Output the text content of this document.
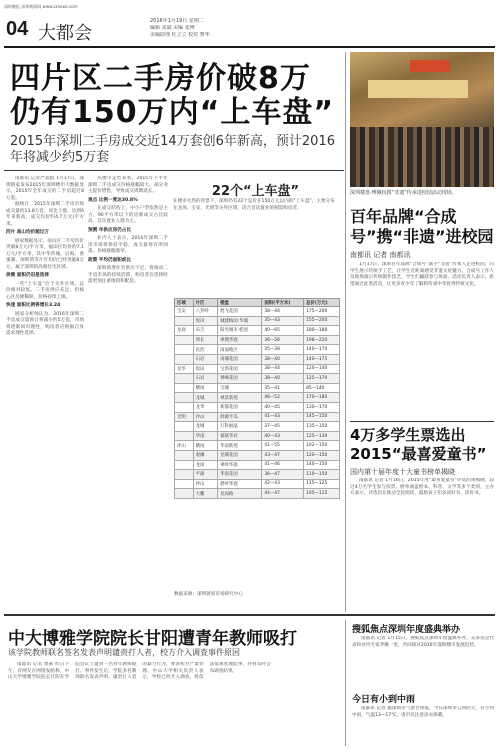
深圳晚报 深圳新闻网 www.sznews.com
04 大都会
2016年1月19日 星期二
编辑 宋斌 美编 张博
美编助理 杜立立 校对 曹华
四片区二手房价破8万
仍有150万内“上车盘”
2015年深圳二手房成交近14万套创6年新高，预计2016年将减少约5万套
深圳楼盘·傅佩杭摄“非遗”传承进校园活动现场。

南都讯 记者严超群 1月17日，深圳链家发布2015年深圳楼市大数据显示，2015年全年成交的二手房超过8万套。

据统计，2015年深圳二手房市场成交量约13.8万套，同比上涨，达到6年来新高，成交均价约4.7万元/平方米。

四片 南山均价超过万

链家数据显示，南山区二手房均价突破8万元/平方米，福田区均价约7.1万元/平方米，其中华侨城、后海、香蜜湖、深圳湾等片区均价已经突破8万元，属于深圳的高端住宅区域。

供需 面积仍旧是选择

一些“上车盘”位于关外区域，总价相对较低。二手房供应充足，但核心区房源稀缺，价格持续上涨。

快速 面积比例将增长3.24

链家分析师认为，2016年深圳二手房成交量预计将减少约5万套，市场将逐渐回归理性，购房者应根据自身需求理性选择。

从楼市走势来看，2015年下半年深圳二手房成交价格涨幅较大，部分业主提价惜售，导致成交周期延长。

观点 比例一度达30.8%

在成交结构上，中小户型依然是主力，90平方米以下的房源成交占比较高，首次置业人群为主。

预测 年供应房仍占比

业内人士表示，2016年深圳二手房市场将保持平稳，成交量将有所回落，价格涨幅收窄。

政策 平均仍面积或比

深圳新增住宅供应不足，将推动二手房市场的持续活跃，购房者在选择时需更加注重地段和配套。

22个“上车盘”
在楼市火热的背景下，深圳仍有22个总价在150万元以内的“上车盘”，主要分布在龙岗、宝安、光明等关外区域，适合首次置业的刚需购房者。
区域	片区	楼盘	面积(平方米)	总价(万元)
宝安	八卦岭	旭飞花园	38—44	175—200
	坂田	城建梅园·华城	35—43	155—200
龙岗	布吉	阳光城市·桂园	40—65	180—188
	周长	翠拥华庭	36—56	198—220
	民治	南面地区	35—38	140—170
	石岩	南城花园	38—40	140—175
龙华	坂田	宝湾花园	38—44	120—140
	石岩	翠峰花园	38—40	125—170
	横岗	宝城	35—41	85—140
	龙城	翠景新苑	46—52	170—180
	龙华	新都花园	40—45	130—170
光明	坪山	鸿源半岛	41—43	145—150
	龙城	万科丽晶	37—45	135—150
	华南	嘉联华府	40—43	125—130
坪山	横岗	华南新苑	41—55	102—150
	观澜	龙城花园	43—47	120—150
	龙岗	翠岭华庭	41—46	140—150
	平湖	华南花园	36—47	110—150
	坪山	碧岭华庭	42—43	115—125
	大鹏	龙岗路	44—47	105—115
数据来源：深圳链家市场研究中心
百年品牌“合成号”携“非遗”进校园
南都讯 记者 南都讯

1月17日，深圳百年品牌“合成号”联手“非遗”传承人走进校园，向学生展示传统手工艺，让学生近距离感受非遗文化魅力。合成号工作人员现场演示传统制作技艺，学生们踊跃参与体验。活动负责人表示，希望通过此类活动，让更多青少年了解和传承中华优秀传统文化。

4万多学生票选出2015“最喜爱童书”
国内第十届年度十大童书榜单揭晓

南都讯 记者 1月16日，2015年度“最喜爱童书”评选结果揭晓，超过4万名学生参与投票。榜单涵盖绘本、科普、文学等多个类别，主办方表示，评选旨在推动全民阅读，鼓励孩子们多读好书、读好书。

中大博雅学院院长甘阳遭青年教师吸打
该学院教师联名签名发表声明谴责打人者，校方介入调查事件原因

南都讯 记者 樊莉 昨日下午，有网友在网络发帖称，中山大学博雅学院院长甘阳在学院会议上遭到一名青年教师殴打。事件发生后，学院多名教师联名发表声明，谴责打人者的暴力行为，要求校方严肃处理。中山大学相关负责人表示，学校已经介入调查，将依法依规处理此事，并将及时公布调查结果。

搜狐焦点深圳年度盛典举办

南都讯 记者 1月15日，搜狐焦点深圳年度盛典举办，众多房企代表和业内专家齐聚一堂，共同探讨2016年深圳楼市发展趋势。

今日有小到中雨

南都讯 记者 据深圳市气象台预报，今日深圳多云到阴天，有小到中雨，气温13—17℃，请市民注意添衣保暖。
